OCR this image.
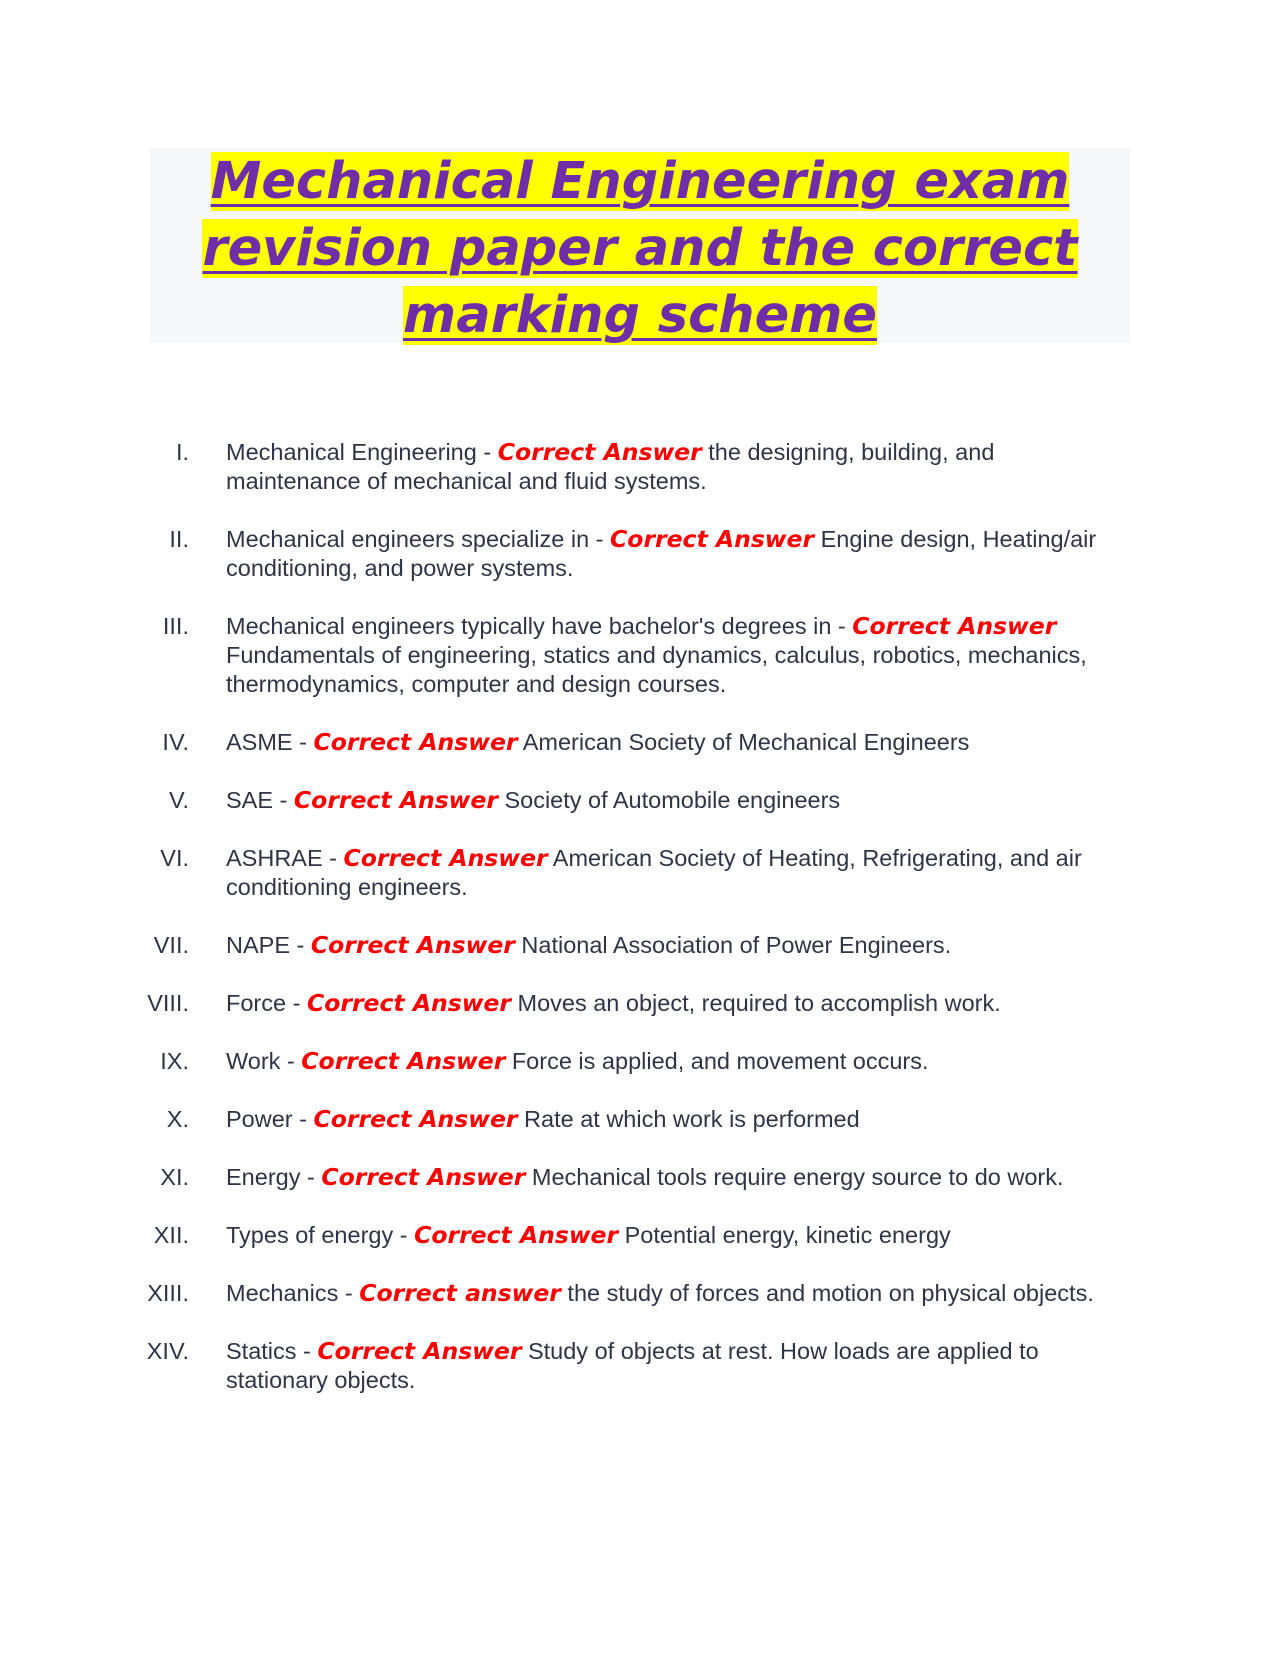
Mechanical Engineering exam
revision paper and the correct
marking scheme
I. Mechanical Engineering - Correct Answer the designing, building, and maintenance of mechanical and fluid systems.
II. Mechanical engineers specialize in - Correct Answer Engine design, Heating/air conditioning, and power systems.
III. Mechanical engineers typically have bachelor's degrees in - Correct Answer Fundamentals of engineering, statics and dynamics, calculus, robotics, mechanics, thermodynamics, computer and design courses.
IV. ASME - Correct Answer American Society of Mechanical Engineers
V. SAE - Correct Answer Society of Automobile engineers
VI. ASHRAE - Correct Answer American Society of Heating, Refrigerating, and air conditioning engineers.
VII. NAPE - Correct Answer National Association of Power Engineers.
VIII. Force - Correct Answer Moves an object, required to accomplish work.
IX. Work - Correct Answer Force is applied, and movement occurs.
X. Power - Correct Answer Rate at which work is performed
XI. Energy - Correct Answer Mechanical tools require energy source to do work.
XII. Types of energy - Correct Answer Potential energy, kinetic energy
XIII. Mechanics - Correct answer the study of forces and motion on physical objects.
XIV. Statics - Correct Answer Study of objects at rest. How loads are applied to stationary objects.
